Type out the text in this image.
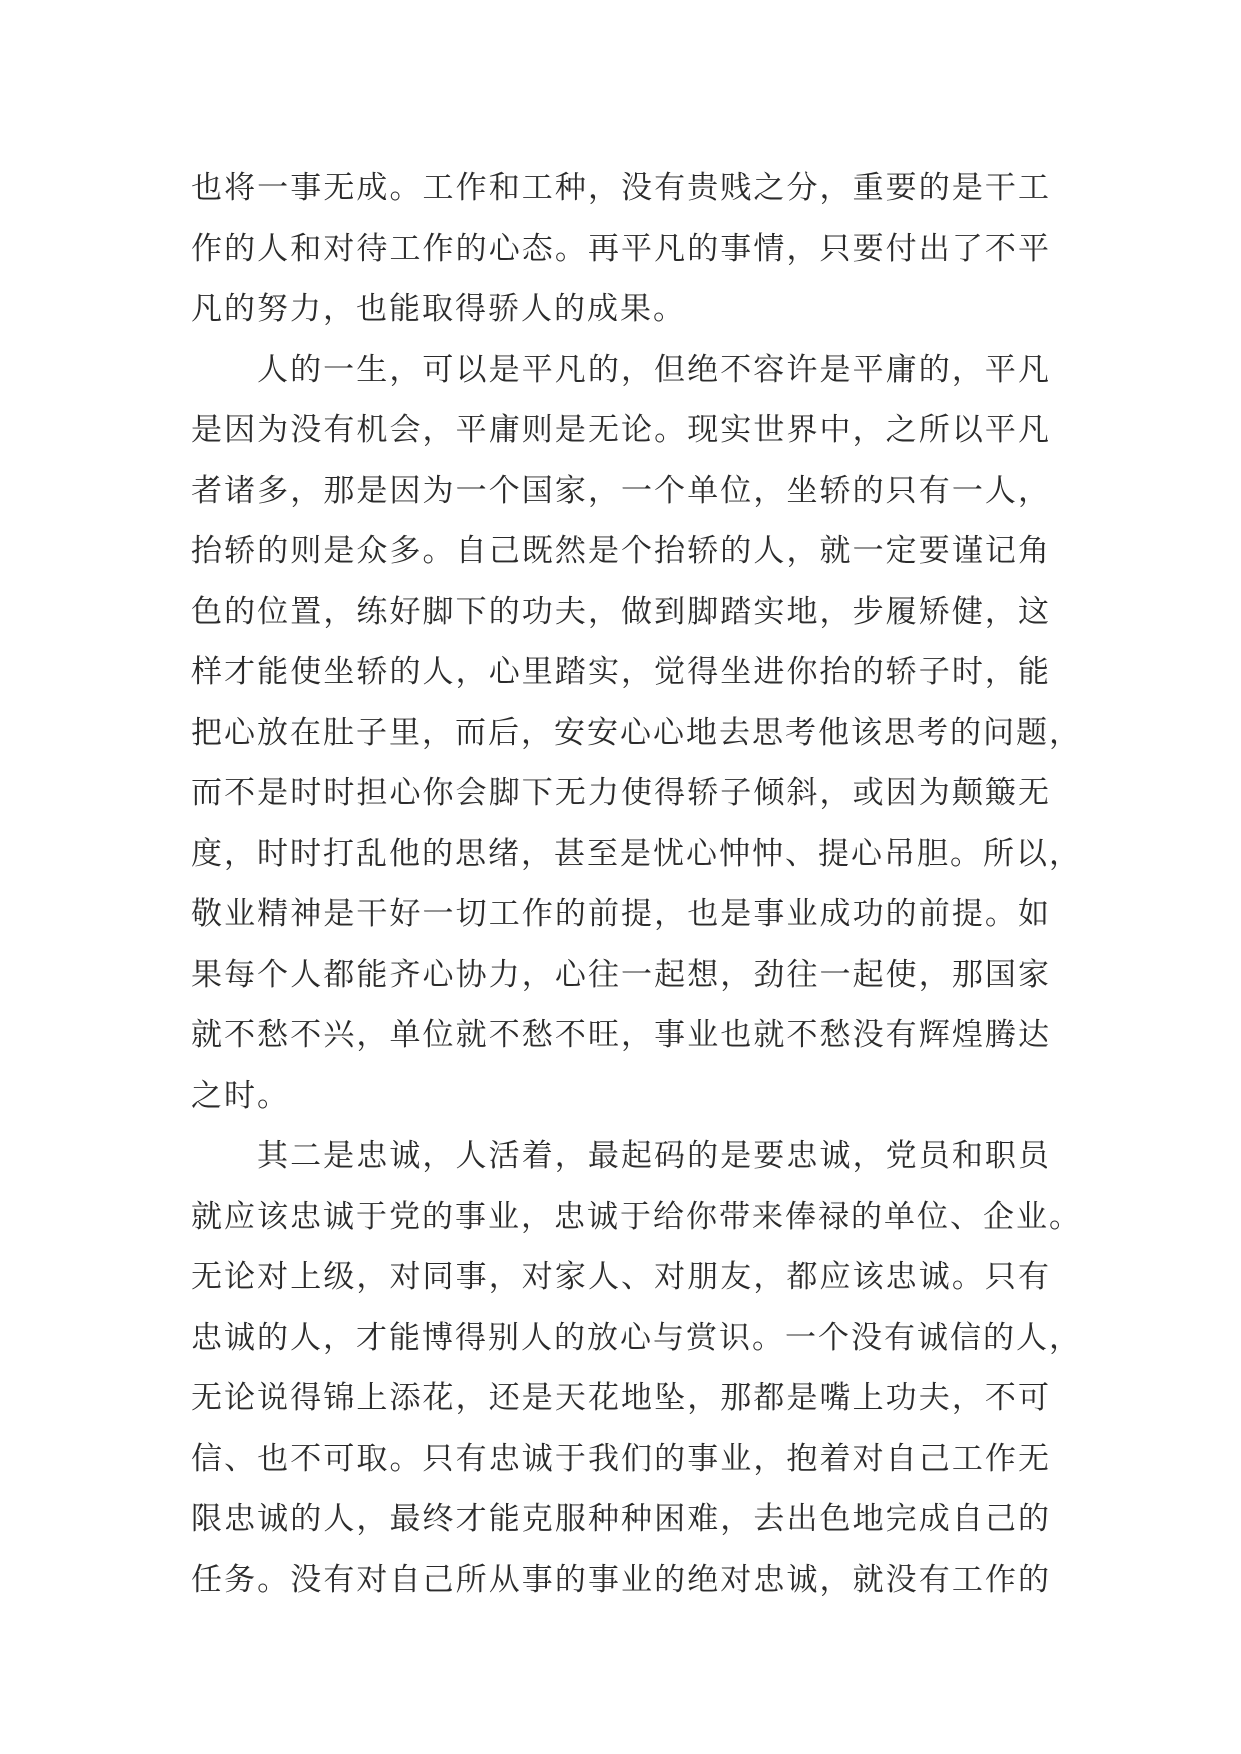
也将一事无成。工作和工种，没有贵贱之分，重要的是干工
作的人和对待工作的心态。再平凡的事情，只要付出了不平
凡的努力，也能取得骄人的成果。
人的一生，可以是平凡的，但绝不容许是平庸的，平凡
是因为没有机会，平庸则是无论。现实世界中，之所以平凡
者诸多，那是因为一个国家，一个单位，坐轿的只有一人，
抬轿的则是众多。自己既然是个抬轿的人，就一定要谨记角
色的位置，练好脚下的功夫，做到脚踏实地，步履矫健，这
样才能使坐轿的人，心里踏实，觉得坐进你抬的轿子时，能
把心放在肚子里，而后，安安心心地去思考他该思考的问题，
而不是时时担心你会脚下无力使得轿子倾斜，或因为颠簸无
度，时时打乱他的思绪，甚至是忧心忡忡、提心吊胆。所以，
敬业精神是干好一切工作的前提，也是事业成功的前提。如
果每个人都能齐心协力，心往一起想，劲往一起使，那国家
就不愁不兴，单位就不愁不旺，事业也就不愁没有辉煌腾达
之时。
其二是忠诚，人活着，最起码的是要忠诚，党员和职员
就应该忠诚于党的事业，忠诚于给你带来俸禄的单位、企业。
无论对上级，对同事，对家人、对朋友，都应该忠诚。只有
忠诚的人，才能博得别人的放心与赏识。一个没有诚信的人，
无论说得锦上添花，还是天花地坠，那都是嘴上功夫，不可
信、也不可取。只有忠诚于我们的事业，抱着对自己工作无
限忠诚的人，最终才能克服种种困难，去出色地完成自己的
任务。没有对自己所从事的事业的绝对忠诚，就没有工作的
